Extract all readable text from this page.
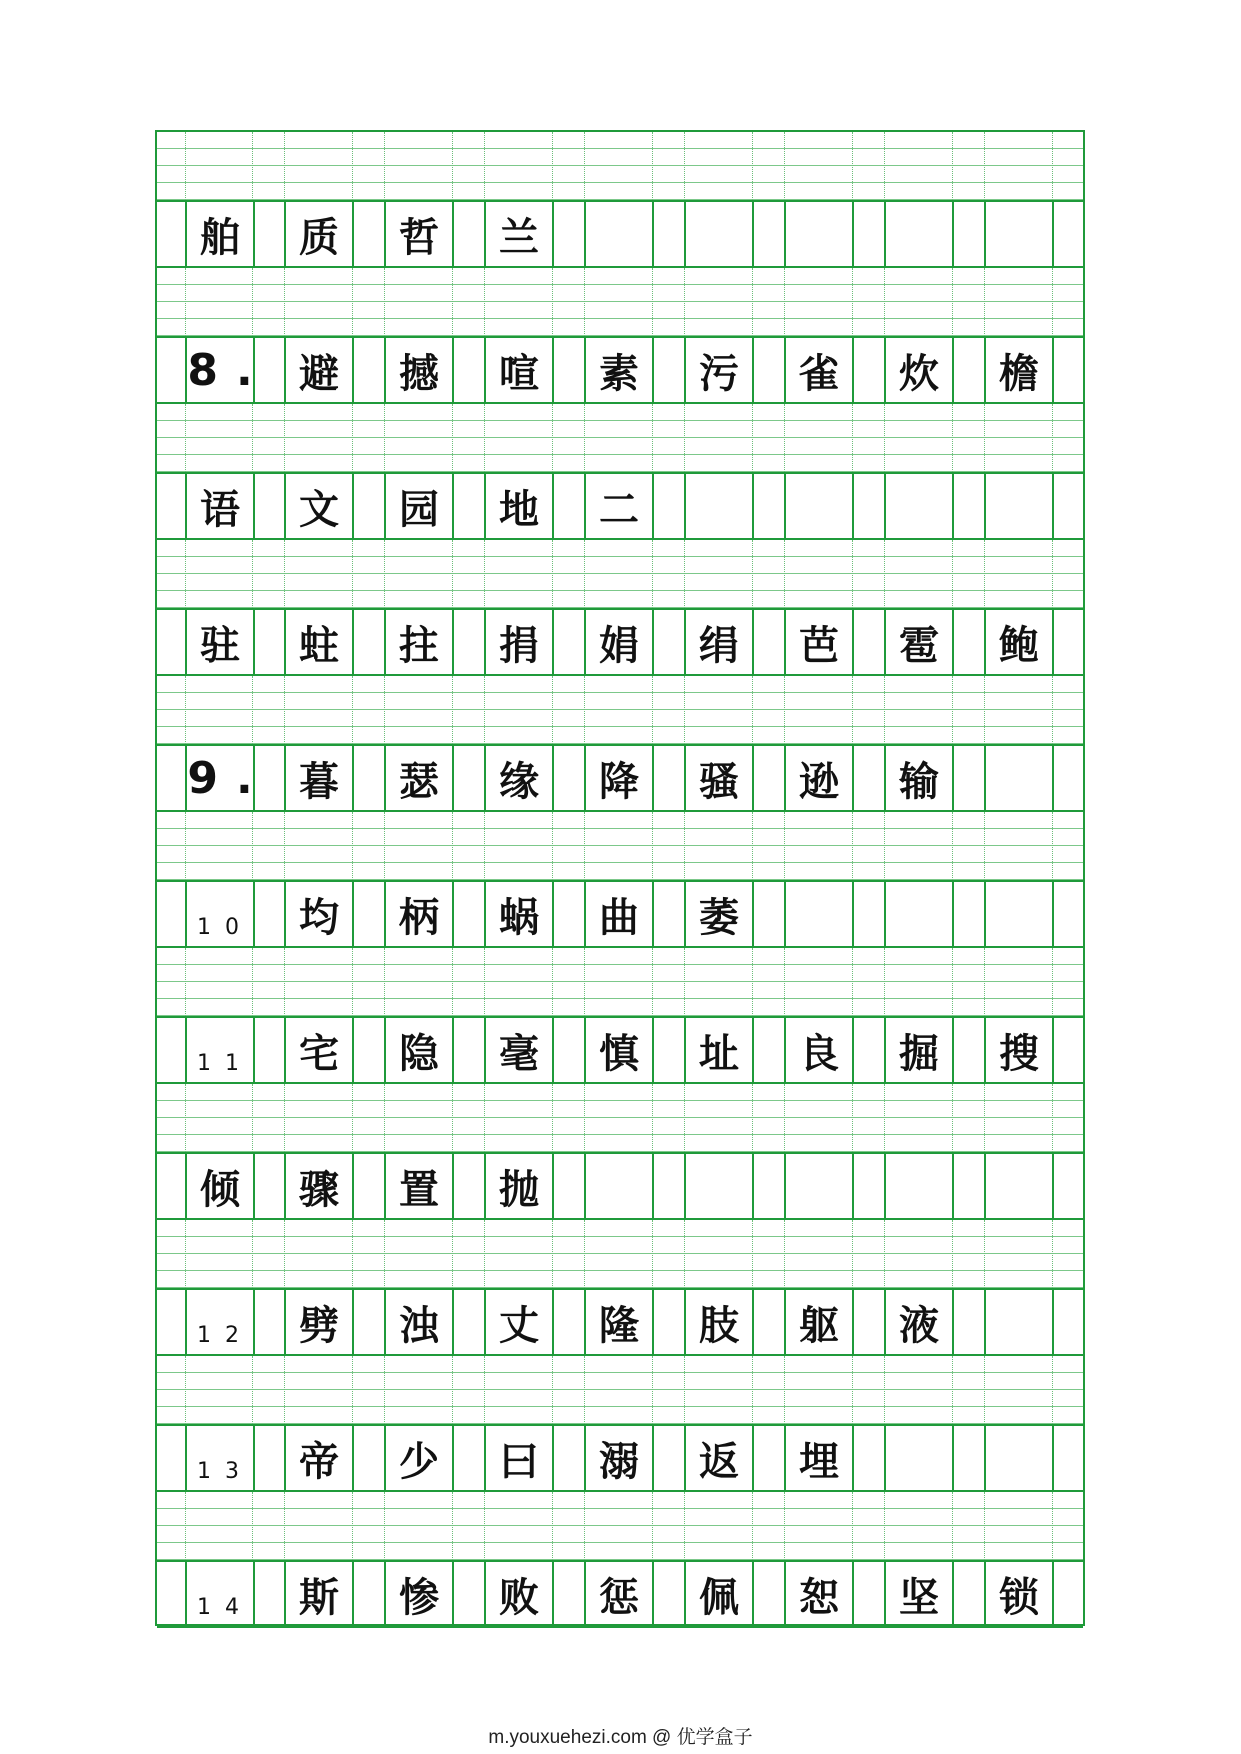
舶	质	哲	兰
8. 避	撼	喧	素	污	雀	炊	檐
语	文	园	地	二
驻	蛀	拄	捐	娟	绢	芭	雹	鲍
9. 暮	瑟	缘	降	骚	逊	输
10	均	柄	蜗	曲	萎
11	宅	隐	毫	慎	址	良	掘	搜
倾	骤	置	抛
12	劈	浊	丈	隆	肢	躯	液
13	帝	少	曰	溺	返	埋
14	斯	惨	败	惩	佩	恕	坚	锁
m.youxuehezi.com @ 优学盒子
